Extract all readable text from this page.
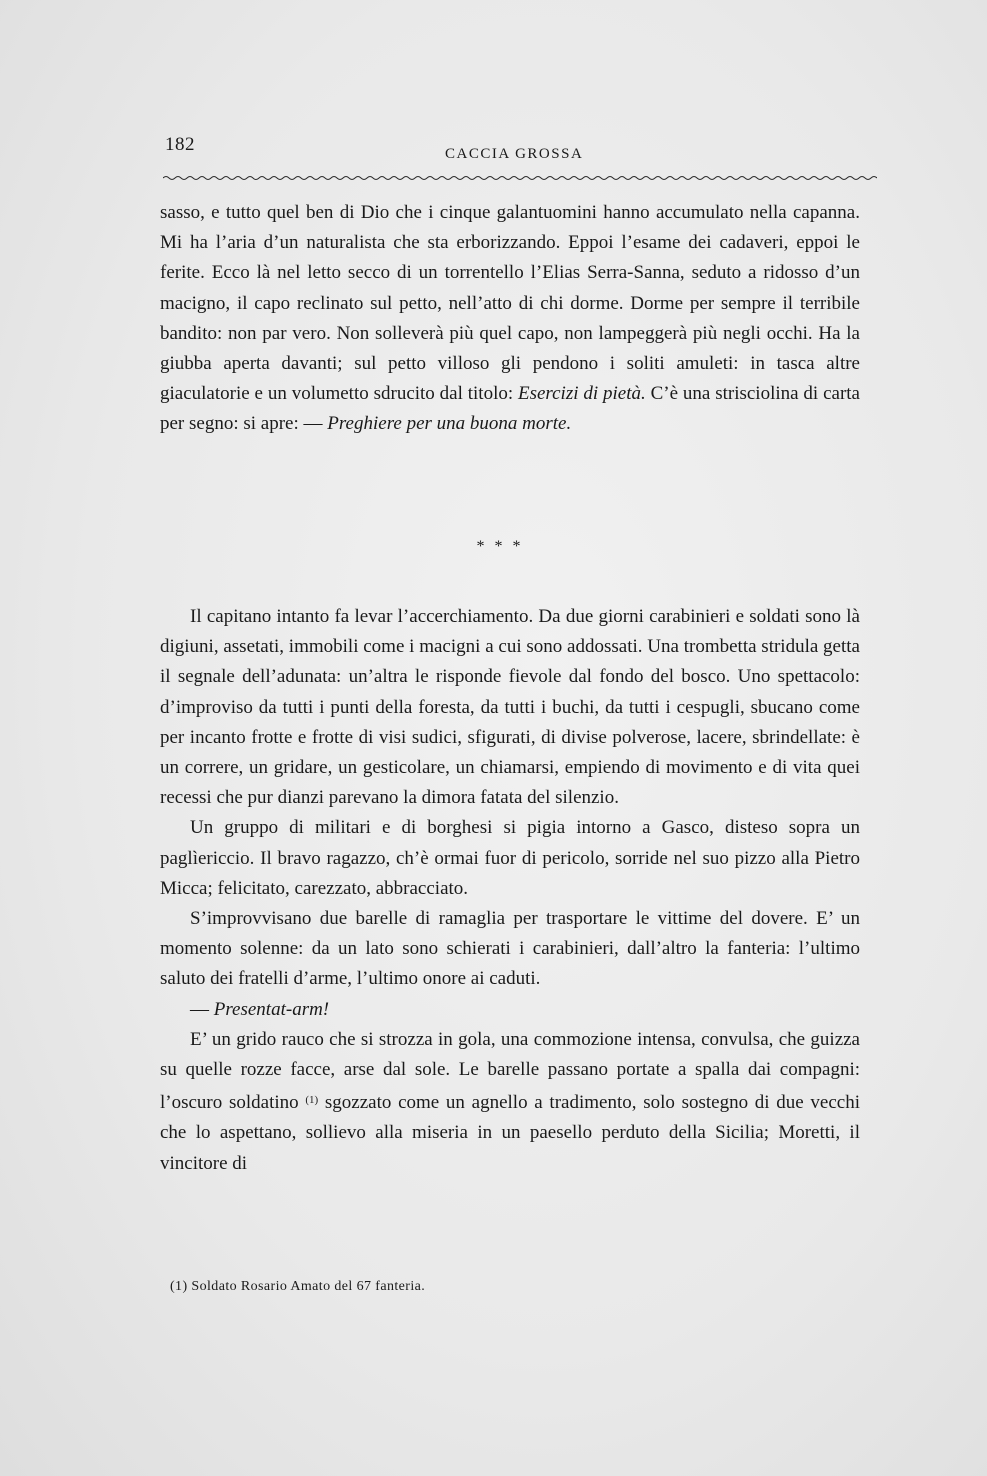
182	CACCIA GROSSA

sasso, e tutto quel ben di Dio che i cinque galantuomini hanno accumulato nella capanna. Mi ha l’aria d’un naturalista che sta erborizzando. Eppoi l’esame dei cadaveri, eppoi le ferite. Ecco là nel letto secco di un torrentello l’Elias Serra-Sanna, seduto a ridosso d’un macigno, il capo reclinato sul petto, nell’atto di chi dorme. Dorme per sempre il terribile bandito: non par vero. Non solleverà più quel capo, non lampeggerà più negli occhi. Ha la giubba aperta davanti; sul petto villoso gli pendono i soliti amuleti: in tasca altre giaculatorie e un volumetto sdrucito dal titolo: Esercizi di pietà. C’è una strisciolina di carta per segno: si apre: — Preghiere per una buona morte.

* * *

Il capitano intanto fa levar l’accerchiamento. Da due giorni carabinieri e soldati sono là digiuni, assetati, immobili come i macigni a cui sono addossati. Una trombetta stridula getta il segnale dell’adunata: un’altra le risponde fievole dal fondo del bosco. Uno spettacolo: d’improviso da tutti i punti della foresta, da tutti i buchi, da tutti i cespugli, sbucano come per incanto frotte e frotte di visi sudici, sfigurati, di divise polverose, lacere, sbrindellate: è un correre, un gridare, un gesticolare, un chiamarsi, empiendo di movimento e di vita quei recessi che pur dianzi parevano la dimora fatata del silenzio.

Un gruppo di militari e di borghesi si pigia intorno a Gasco, disteso sopra un paglìericcio. Il bravo ragazzo, ch’è ormai fuor di pericolo, sorride nel suo pizzo alla Pietro Micca; felicitato, carezzato, abbracciato.

S’improvvisano due barelle di ramaglia per trasportare le vittime del dovere. E’ un momento solenne: da un lato sono schierati i carabinieri, dall’altro la fanteria: l’ultimo saluto dei fratelli d’arme, l’ultimo onore ai caduti.

— Presentat-arm!

E’ un grido rauco che si strozza in gola, una commozione intensa, convulsa, che guizza su quelle rozze facce, arse dal sole. Le barelle passano portate a spalla dai compagni: l’oscuro soldatino $^{(1)}$ sgozzato come un agnello a tradimento, solo sostegno di due vecchi che lo aspettano, sollievo alla miseria in un paesello perduto della Sicilia; Moretti, il vincitore di

(1) Soldato Rosario Amato del 67 fanteria.
